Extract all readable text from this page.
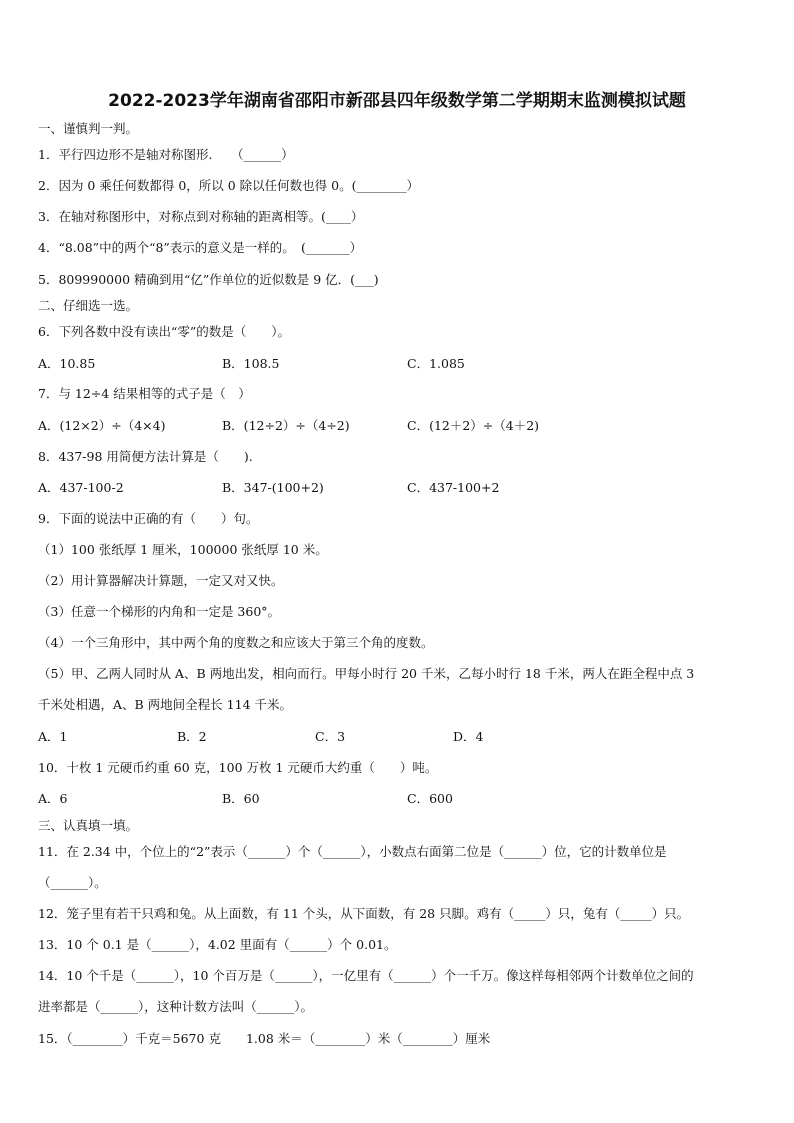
2022-2023学年湖南省邵阳市新邵县四年级数学第二学期期末监测模拟试题
一、谨慎判一判。
1．平行四边形不是轴对称图形.　　（______）
2．因为 0 乘任何数都得 0，所以 0 除以任何数也得 0。(________）
3．在轴对称图形中，对称点到对称轴的距离相等。(____）
4．“8.08”中的两个“8”表示的意义是一样的。　(_______）
5．809990000 精确到用“亿”作单位的近似数是 9 亿．(___)
二、仔细选一选。
6．下列各数中没有读出“零”的数是（　　）。
A．10.85	B．108.5	C．1.085
7．与 12÷4 结果相等的式子是（　）
A．(12×2）÷（4×4)	B．(12÷2）÷（4÷2)	C．(12＋2）÷（4＋2)
8．437-98 用简便方法计算是（　　).
A．437-100-2	B．347-(100+2)	C．437-100+2
9．下面的说法中正确的有（　　）句。
（1）100 张纸厚 1 厘米，100000 张纸厚 10 米。
（2）用计算器解决计算题，一定又对又快。
（3）任意一个梯形的内角和一定是 360°。
（4）一个三角形中，其中两个角的度数之和应该大于第三个角的度数。
（5）甲、乙两人同时从 A、B 两地出发，相向而行。甲每小时行 20 千米，乙每小时行 18 千米，两人在距全程中点 3
千米处相遇，A、B 两地间全程长 114 千米。
A．1	B．2	C．3	D．4
10．十枚 1 元硬币约重 60 克，100 万枚 1 元硬币大约重（　　）吨。
A．6	B．60	C．600
三、认真填一填。
11．在 2.34 中，个位上的“2”表示（______）个（______），小数点右面第二位是（______）位，它的计数单位是
（______）。
12．笼子里有若干只鸡和兔。从上面数，有 11 个头，从下面数，有 28 只脚。鸡有（_____）只，兔有（_____）只。
13．10 个 0.1 是（______），4.02 里面有（______）个 0.01。
14．10 个千是（______），10 个百万是（______），一亿里有（______）个一千万。像这样每相邻两个计数单位之间的
进率都是（______），这种计数方法叫（______）。
15．（________）千克＝5670 克　　1.08 米＝（________）米（________）厘米
